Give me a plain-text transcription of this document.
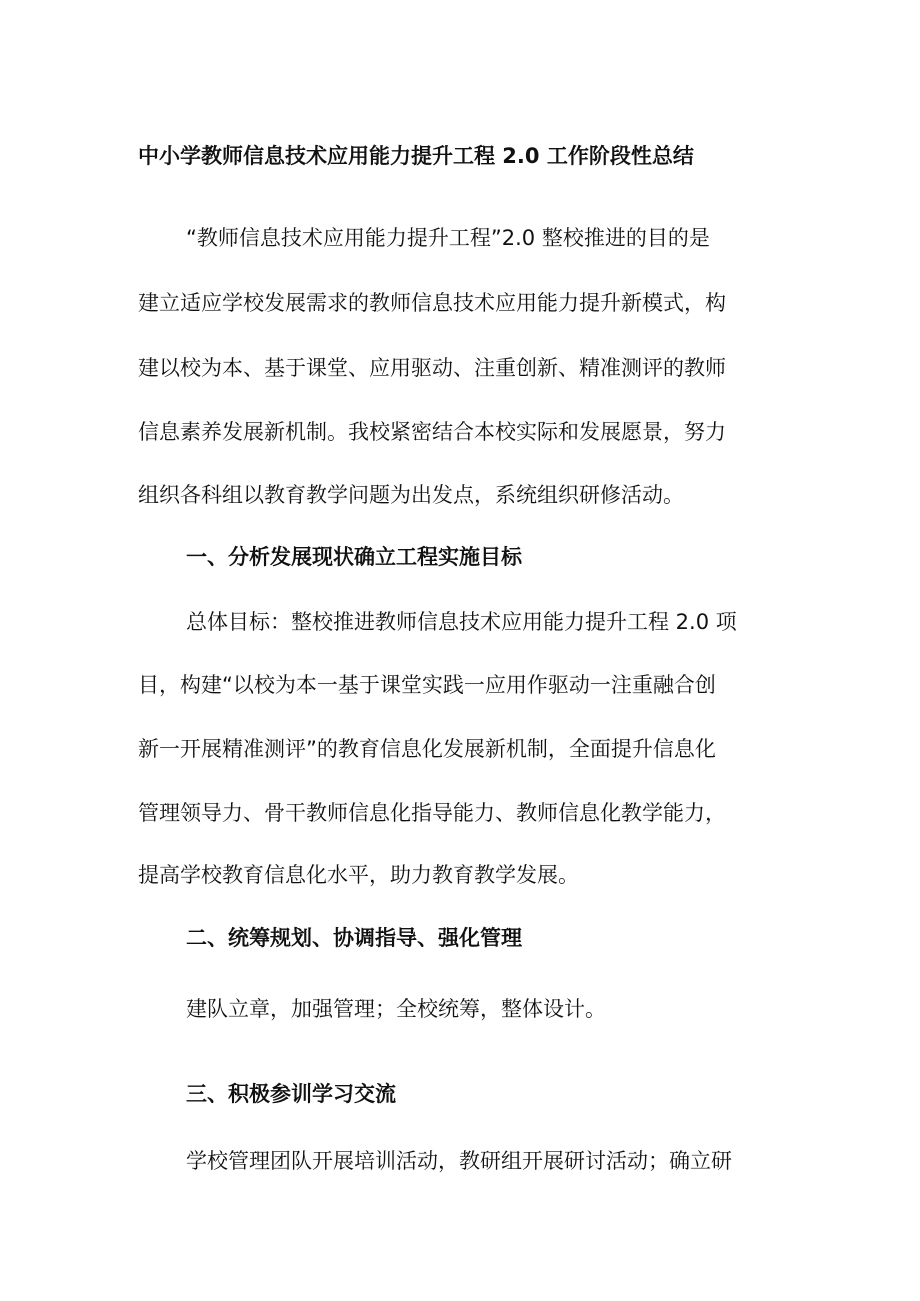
中小学教师信息技术应用能力提升工程 2.0 工作阶段性总结
“教师信息技术应用能力提升工程”2.0 整校推进的目的是
建立适应学校发展需求的教师信息技术应用能力提升新模式，构
建以校为本、基于课堂、应用驱动、注重创新、精准测评的教师
信息素养发展新机制。我校紧密结合本校实际和发展愿景，努力
组织各科组以教育教学问题为出发点，系统组织研修活动。
一、分析发展现状确立工程实施目标
总体目标：整校推进教师信息技术应用能力提升工程 2.0 项
目，构建“以校为本一基于课堂实践一应用作驱动一注重融合创
新一开展精准测评”的教育信息化发展新机制，全面提升信息化
管理领导力、骨干教师信息化指导能力、教师信息化教学能力，
提高学校教育信息化水平，助力教育教学发展。
二、统筹规划、协调指导、强化管理
建队立章，加强管理；全校统筹，整体设计。
三、积极参训学习交流
学校管理团队开展培训活动，教研组开展研讨活动；确立研
